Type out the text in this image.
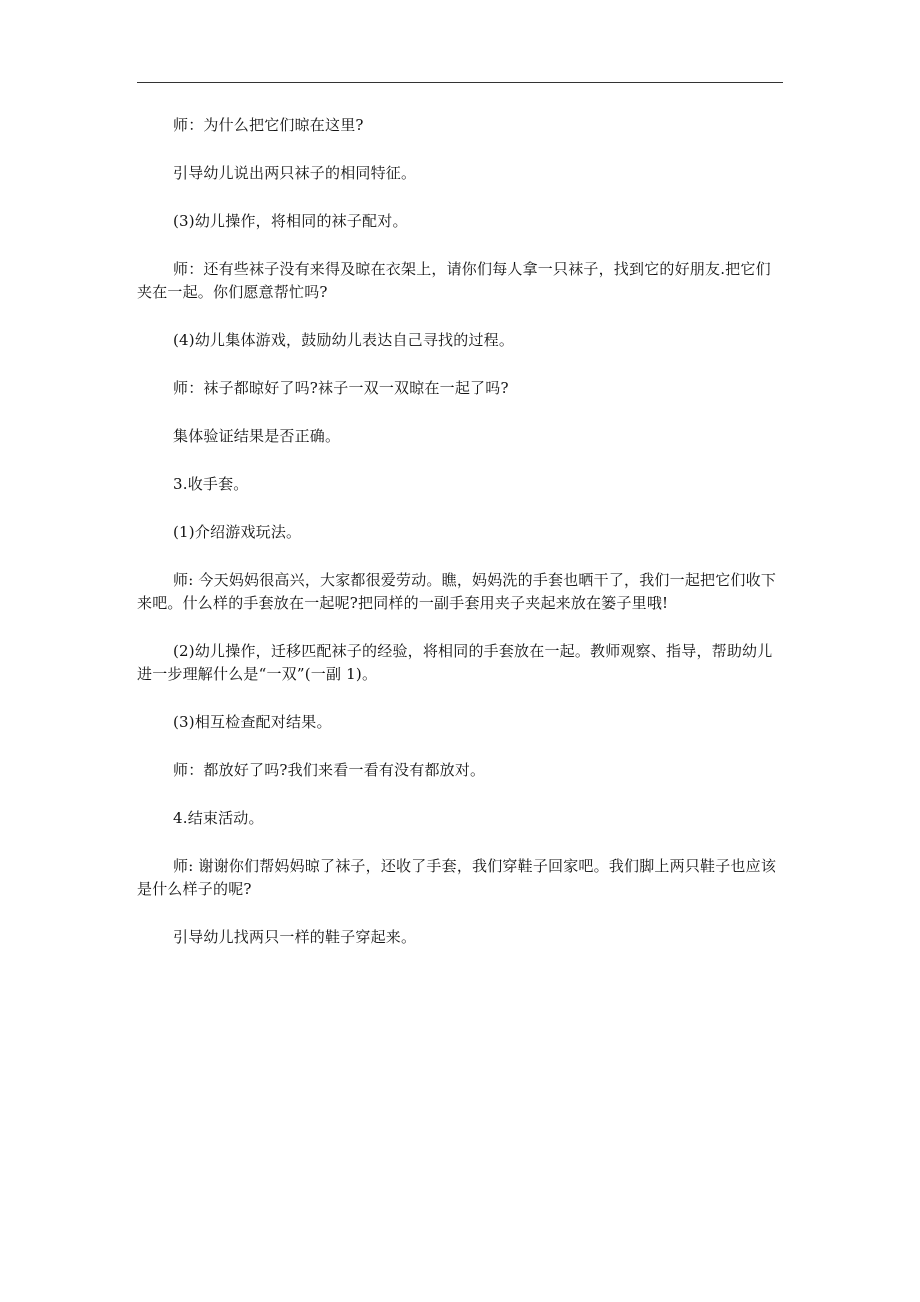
师：为什么把它们晾在这里?

引导幼儿说出两只袜子的相同特征。

(3)幼儿操作，将相同的袜子配对。

师：还有些袜子没有来得及晾在衣架上，请你们每人拿一只袜子，找到它的好朋友.把它们夹在一起。你们愿意帮忙吗?

(4)幼儿集体游戏，鼓励幼儿表达自己寻找的过程。

师：袜子都晾好了吗?袜子一双一双晾在一起了吗?

集体验证结果是否正确。

3.收手套。

(1)介绍游戏玩法。

师: 今天妈妈很高兴，大家都很爱劳动。瞧，妈妈洗的手套也晒干了，我们一起把它们收下来吧。什么样的手套放在一起呢?把同样的一副手套用夹子夹起来放在篓子里哦!

(2)幼儿操作，迁移匹配袜子的经验，将相同的手套放在一起。教师观察、指导，帮助幼儿进一步理解什么是“一双”(一副 1)。

(3)相互检查配对结果。

师：都放好了吗?我们来看一看有没有都放对。

4.结束活动。

师: 谢谢你们帮妈妈晾了袜子，还收了手套，我们穿鞋子回家吧。我们脚上两只鞋子也应该是什么样子的呢?

引导幼儿找两只一样的鞋子穿起来。
